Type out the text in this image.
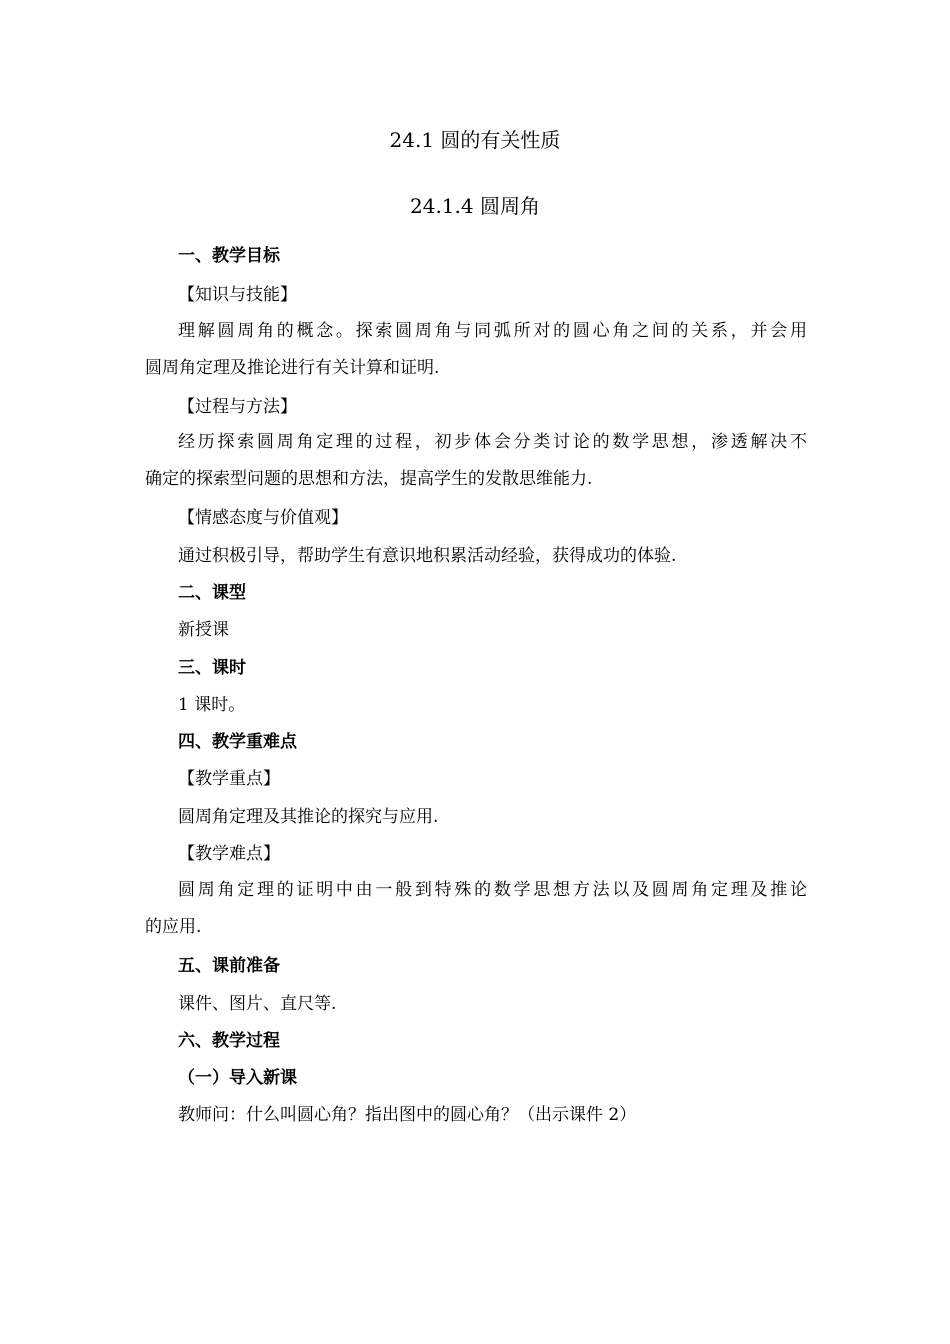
24.1 圆的有关性质
24.1.4 圆周角
一、教学目标
【知识与技能】
理解圆周角的概念。探索圆周角与同弧所对的圆心角之间的关系，并会用
圆周角定理及推论进行有关计算和证明.
【过程与方法】
经历探索圆周角定理的过程，初步体会分类讨论的数学思想，渗透解决不
确定的探索型问题的思想和方法，提高学生的发散思维能力.
【情感态度与价值观】
通过积极引导，帮助学生有意识地积累活动经验，获得成功的体验.
二、课型
新授课
三、课时
1 课时。
四、教学重难点
【教学重点】
圆周角定理及其推论的探究与应用.
【教学难点】
圆周角定理的证明中由一般到特殊的数学思想方法以及圆周角定理及推论
的应用.
五、课前准备
课件、图片、直尺等.
六、教学过程
（一）导入新课
教师问：什么叫圆心角？指出图中的圆心角？（出示课件 2）
